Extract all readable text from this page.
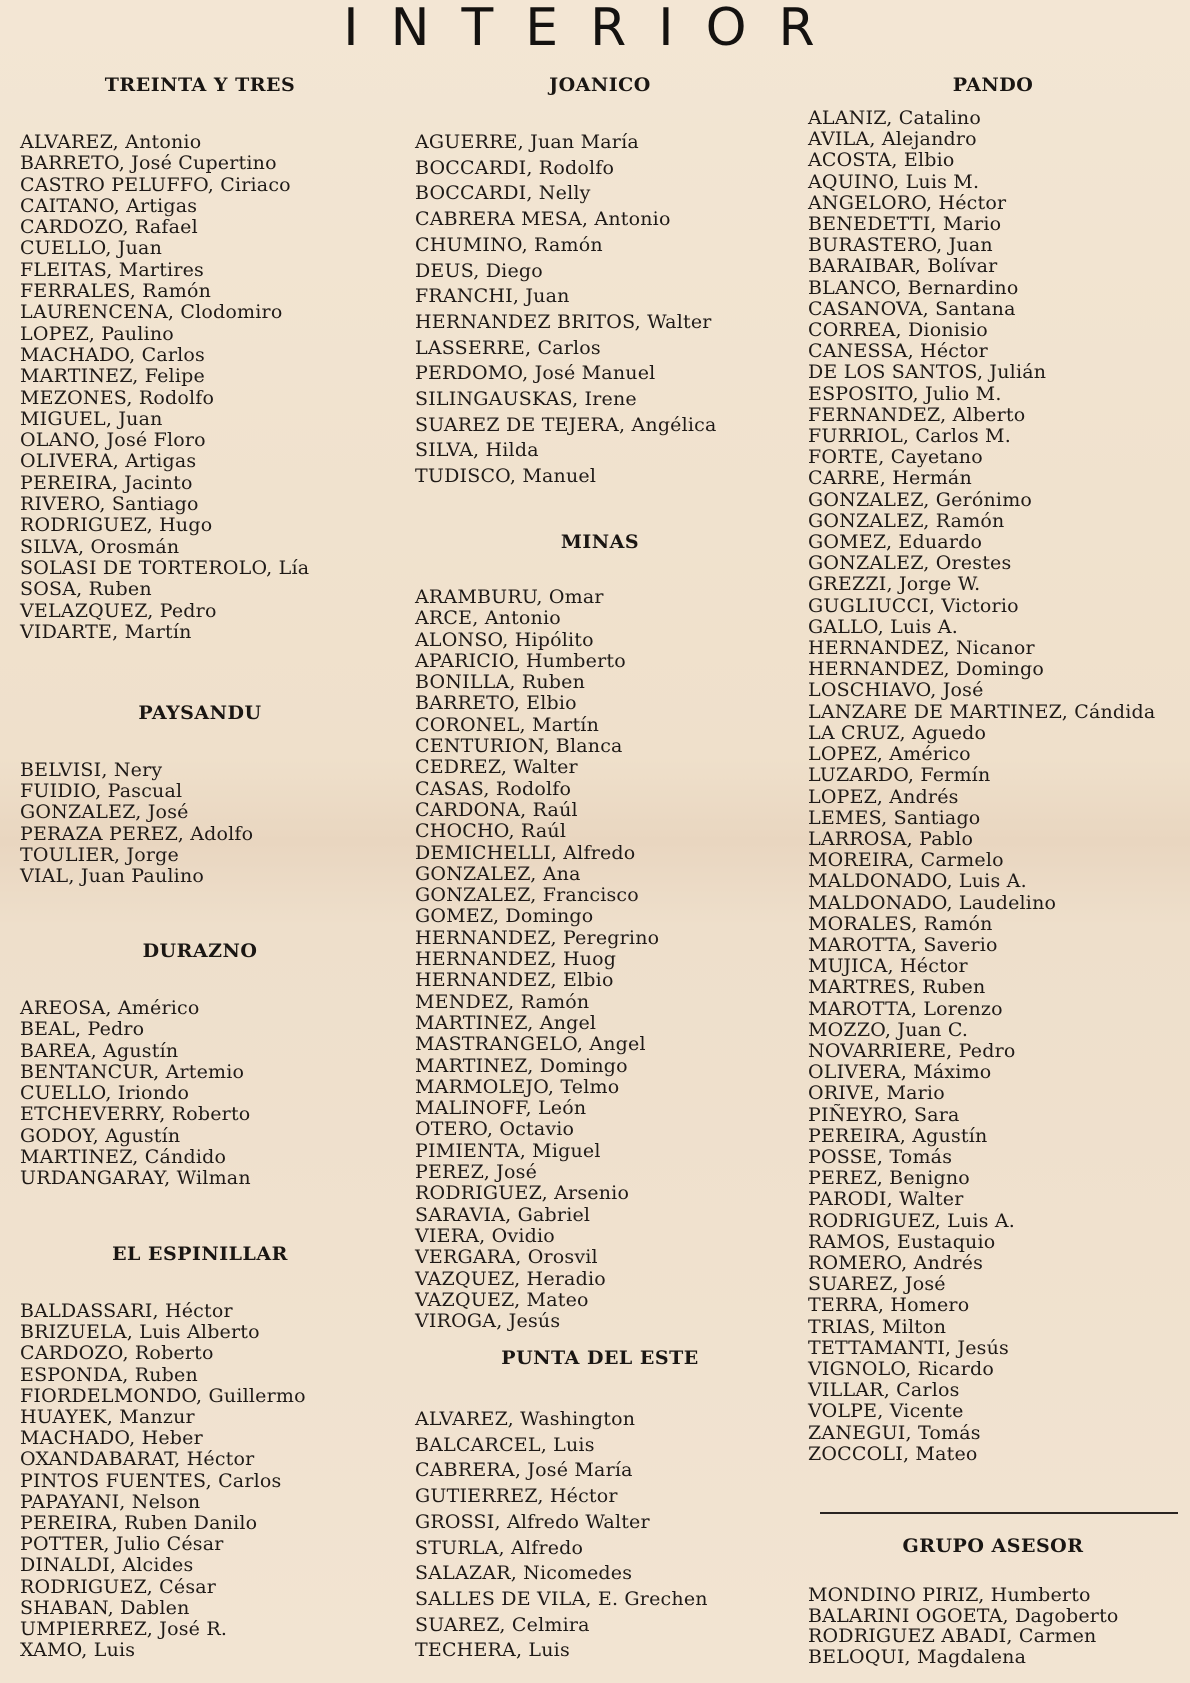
INTERIOR
TREINTA Y TRES
ALVAREZ, Antonio
BARRETO, José Cupertino
CASTRO PELUFFO, Ciriaco
CAITANO, Artigas
CARDOZO, Rafael
CUELLO, Juan
FLEITAS, Martires
FERRALES, Ramón
LAURENCENA, Clodomiro
LOPEZ, Paulino
MACHADO, Carlos
MARTINEZ, Felipe
MEZONES, Rodolfo
MIGUEL, Juan
OLANO, José Floro
OLIVERA, Artigas
PEREIRA, Jacinto
RIVERO, Santiago
RODRIGUEZ, Hugo
SILVA, Orosmán
SOLASI DE TORTEROLO, Lía
SOSA, Ruben
VELAZQUEZ, Pedro
VIDARTE, Martín
PAYSANDU
BELVISI, Nery
FUIDIO, Pascual
GONZALEZ, José
PERAZA PEREZ, Adolfo
TOULIER, Jorge
VIAL, Juan Paulino
DURAZNO
AREOSA, Américo
BEAL, Pedro
BAREA, Agustín
BENTANCUR, Artemio
CUELLO, Iriondo
ETCHEVERRY, Roberto
GODOY, Agustín
MARTINEZ, Cándido
URDANGARAY, Wilman
EL ESPINILLAR
BALDASSARI, Héctor
BRIZUELA, Luis Alberto
CARDOZO, Roberto
ESPONDA, Ruben
FIORDELMONDO, Guillermo
HUAYEK, Manzur
MACHADO, Heber
OXANDABARAT, Héctor
PINTOS FUENTES, Carlos
PAPAYANI, Nelson
PEREIRA, Ruben Danilo
POTTER, Julio César
DINALDI, Alcides
RODRIGUEZ, César
SHABAN, Dablen
UMPIERREZ, José R.
XAMO, Luis
JOANICO
AGUERRE, Juan María
BOCCARDI, Rodolfo
BOCCARDI, Nelly
CABRERA MESA, Antonio
CHUMINO, Ramón
DEUS, Diego
FRANCHI, Juan
HERNANDEZ BRITOS, Walter
LASSERRE, Carlos
PERDOMO, José Manuel
SILINGAUSKAS, Irene
SUAREZ DE TEJERA, Angélica
SILVA, Hilda
TUDISCO, Manuel
MINAS
ARAMBURU, Omar
ARCE, Antonio
ALONSO, Hipólito
APARICIO, Humberto
BONILLA, Ruben
BARRETO, Elbio
CORONEL, Martín
CENTURION, Blanca
CEDREZ, Walter
CASAS, Rodolfo
CARDONA, Raúl
CHOCHO, Raúl
DEMICHELLI, Alfredo
GONZALEZ, Ana
GONZALEZ, Francisco
GOMEZ, Domingo
HERNANDEZ, Peregrino
HERNANDEZ, Huog
HERNANDEZ, Elbio
MENDEZ, Ramón
MARTINEZ, Angel
MASTRANGELO, Angel
MARTINEZ, Domingo
MARMOLEJO, Telmo
MALINOFF, León
OTERO, Octavio
PIMIENTA, Miguel
PEREZ, José
RODRIGUEZ, Arsenio
SARAVIA, Gabriel
VIERA, Ovidio
VERGARA, Orosvil
VAZQUEZ, Heradio
VAZQUEZ, Mateo
VIROGA, Jesús
PUNTA DEL ESTE
ALVAREZ, Washington
BALCARCEL, Luis
CABRERA, José María
GUTIERREZ, Héctor
GROSSI, Alfredo Walter
STURLA, Alfredo
SALAZAR, Nicomedes
SALLES DE VILA, E. Grechen
SUAREZ, Celmira
TECHERA, Luis
PANDO
ALANIZ, Catalino
AVILA, Alejandro
ACOSTA, Elbio
AQUINO, Luis M.
ANGELORO, Héctor
BENEDETTI, Mario
BURASTERO, Juan
BARAIBAR, Bolívar
BLANCO, Bernardino
CASANOVA, Santana
CORREA, Dionisio
CANESSA, Héctor
DE LOS SANTOS, Julián
ESPOSITO, Julio M.
FERNANDEZ, Alberto
FURRIOL, Carlos M.
FORTE, Cayetano
CARRE, Hermán
GONZALEZ, Gerónimo
GONZALEZ, Ramón
GOMEZ, Eduardo
GONZALEZ, Orestes
GREZZI, Jorge W.
GUGLIUCCI, Victorio
GALLO, Luis A.
HERNANDEZ, Nicanor
HERNANDEZ, Domingo
LOSCHIAVO, José
LANZARE DE MARTINEZ, Cándida
LA CRUZ, Aguedo
LOPEZ, Américo
LUZARDO, Fermín
LOPEZ, Andrés
LEMES, Santiago
LARROSA, Pablo
MOREIRA, Carmelo
MALDONADO, Luis A.
MALDONADO, Laudelino
MORALES, Ramón
MAROTTA, Saverio
MUJICA, Héctor
MARTRES, Ruben
MAROTTA, Lorenzo
MOZZO, Juan C.
NOVARRIERE, Pedro
OLIVERA, Máximo
ORIVE, Mario
PIÑEYRO, Sara
PEREIRA, Agustín
POSSE, Tomás
PEREZ, Benigno
PARODI, Walter
RODRIGUEZ, Luis A.
RAMOS, Eustaquio
ROMERO, Andrés
SUAREZ, José
TERRA, Homero
TRIAS, Milton
TETTAMANTI, Jesús
VIGNOLO, Ricardo
VILLAR, Carlos
VOLPE, Vicente
ZANEGUI, Tomás
ZOCCOLI, Mateo
GRUPO ASESOR
MONDINO PIRIZ, Humberto
BALARINI OGOETA, Dagoberto
RODRIGUEZ ABADI, Carmen
BELOQUI, Magdalena
